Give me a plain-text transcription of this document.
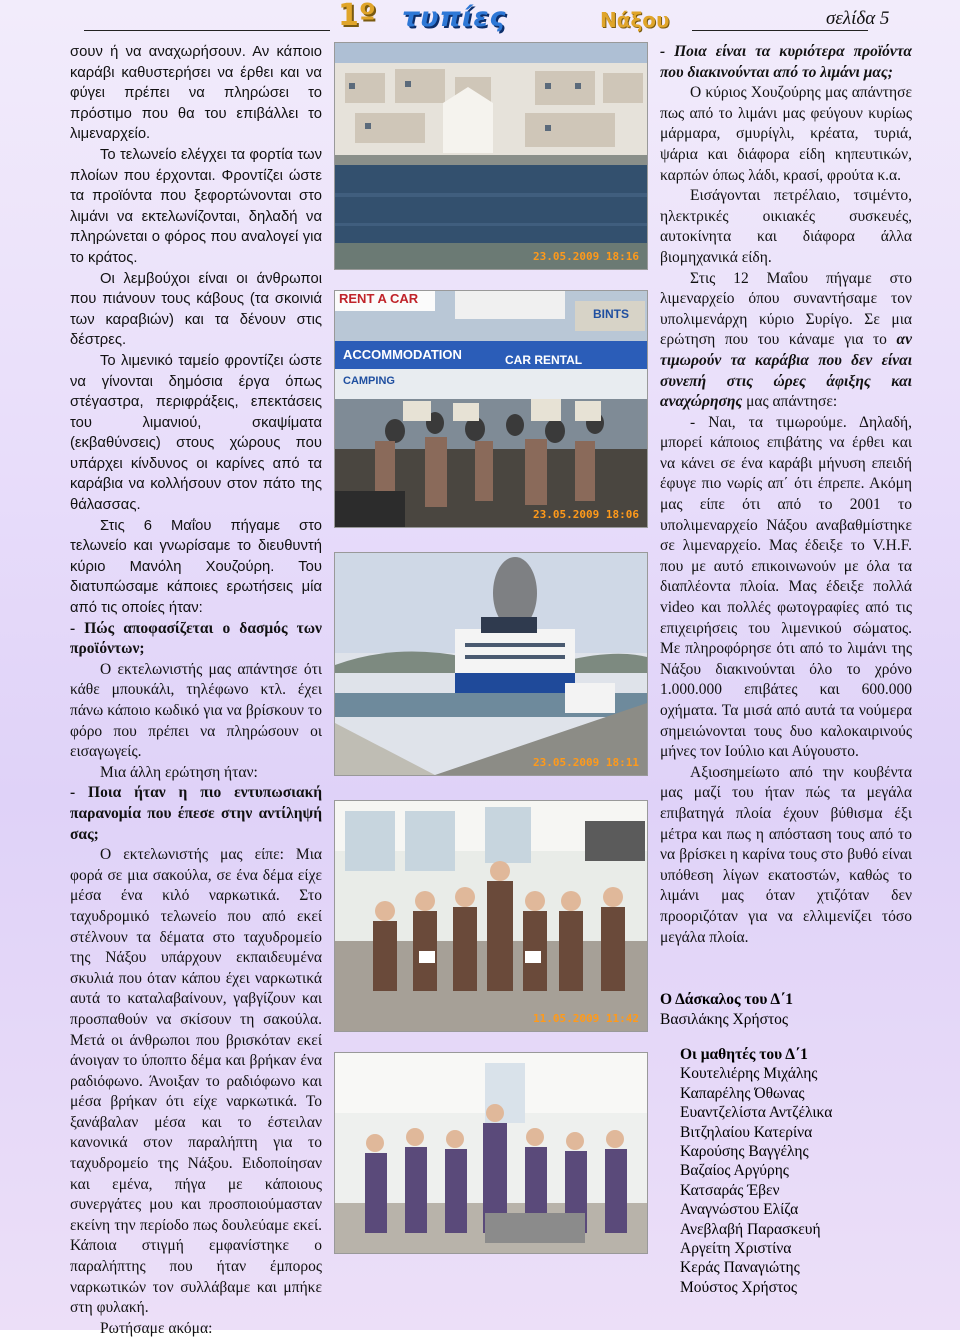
1º τυπίες	Νάξου	σελίδα 5

σουν ή να αναχωρήσουν. Αν κάποιο καράβι καθυστερήσει να έρθει και να φύγει πρέπει να πληρώσει το πρόστιμο που θα του επιβάλλει το λιμεναρχείο.

Το τελωνείο ελέγχει τα φορτία των πλοίων που έρχονται. Φροντίζει ώστε τα προϊόντα που ξεφορτώνονται στο λιμάνι να εκτελωνίζονται, δηλαδή να πληρώνεται ο φόρος που αναλογεί για το κράτος.

Οι λεμβούχοι είναι οι άνθρωποι που πιάνουν τους κάβους (τα σκοινιά των καραβιών) και τα δένουν στις δέστρες.

Το λιμενικό ταμείο φροντίζει ώστε να γίνονται δημόσια έργα όπως στέγαστρα, περιφράξεις, επεκτάσεις του λιμανιού, σκαψίματα (εκβαθύνσεις) στους χώρους που υπάρχει κίνδυνος οι καρίνες από τα καράβια να κολλήσουν στον πάτο της θάλασσας.

Στις 6 Μαΐου πήγαμε στο τελωνείο και γνωρίσαμε το διευθυντή κύριο Μανόλη Χουζούρη. Του διατυπώσαμε κάποιες ερωτήσεις μία από τις οποίες ήταν:

- Πώς αποφασίζεται ο δασμός των προϊόντων;

Ο εκτελωνιστής μας απάντησε ότι κάθε μπουκάλι, τηλέφωνο κτλ. έχει πάνω κάποιο κωδικό για να βρίσκουν το φόρο που πρέπει να πληρώσουν οι εισαγωγείς.

Μια άλλη ερώτηση ήταν:

- Ποια ήταν η πιο εντυπωσιακή παρανομία που έπεσε στην αντίληψή σας;

Ο εκτελωνιστής μας είπε: Μια φορά σε μια σακούλα, σε ένα δέμα είχε μέσα ένα κιλό ναρκωτικά. Στο ταχυδρομικό τελωνείο που από εκεί στέλνουν τα δέματα στο ταχυδρομείο της Νάξου υπάρχουν εκπαιδευμένα σκυλιά που όταν κάπου έχει ναρκωτικά αυτά το καταλαβαίνουν, γαβγίζουν και προσπαθούν να σκίσουν τη σακούλα. Μετά οι άνθρωποι που βρισκόταν εκεί άνοιγαν το ύποπτο δέμα και βρήκαν ένα ραδιόφωνο. Άνοιξαν το ραδιόφωνο και μέσα βρήκαν ότι είχε ναρκωτικά. Το ξανάβαλαν μέσα και το έστειλαν κανονικά στον παραλήπτη για το ταχυδρομείο της Νάξου. Ειδοποίησαν και εμένα, πήγα με κάποιους συνεργάτες μου και προσποιούμασταν εκείνη την περίοδο πως δουλεύαμε εκεί. Κάποια στιγμή εμφανίστηκε ο παραλήπτης που ήταν έμπορος ναρκωτικών τον συλλάβαμε και μπήκε στη φυλακή.

Ρωτήσαμε ακόμα:

23.05.2009 18:16
RENT A CAR
ACCOMMODATION	CAR RENTAL
BINTS
CAMPING
23.05.2009 18:06
23.05.2009 18:11
11.05.2009 11:42

- Ποια είναι τα κυριότερα προϊόντα που διακινούνται από το λιμάνι μας;

Ο κύριος Χουζούρης μας απάντησε πως από το λιμάνι μας φεύγουν κυρίως μάρμαρα, σμυρίγλι, κρέατα, τυριά, ψάρια και διάφορα είδη κηπευτικών, καρπών όπως λάδι, κρασί, φρούτα κ.α.

Εισάγονται πετρέλαιο, τσιμέντο, ηλεκτρικές οικιακές συσκευές, αυτοκίνητα και διάφορα άλλα βιομηχανικά είδη.

Στις 12 Μαΐου πήγαμε στο λιμεναρχείο όπου συναντήσαμε τον υπολιμενάρχη κύριο Συρίγο. Σε μια ερώτηση που του κάναμε για το αν τιμωρούν τα καράβια που δεν είναι συνεπή στις ώρες άφιξης και αναχώρησης μας απάντησε:

- Ναι, τα τιμωρούμε. Δηλαδή, μπορεί κάποιος επιβάτης να έρθει και να κάνει σε ένα καράβι μήνυση επειδή έφυγε πιο νωρίς απ΄ ότι έπρεπε. Ακόμη μας είπε ότι από το 2001 το υπολιμεναρχείο Νάξου αναβαθμίστηκε σε λιμεναρχείο. Μας έδειξε το V.H.F. που με αυτό επικοινωνούν με όλα τα διαπλέοντα πλοία. Μας έδειξε πολλά video και πολλές φωτογραφίες από τις επιχειρήσεις του λιμενικού σώματος. Με πληροφόρησε ότι από το λιμάνι της Νάξου διακινούνται όλο το χρόνο 1.000.000 επιβάτες και 600.000 οχήματα. Τα μισά από αυτά τα νούμερα σημειώνονται τους δυο καλοκαιρινούς μήνες τον Ιούλιο και Αύγουστο.

Αξιοσημείωτο από την κουβέντα μας μαζί του ήταν πώς τα μεγάλα επιβατηγά πλοία έχουν βύθισμα έξι μέτρα και πως η απόσταση τους από το να βρίσκει η καρίνα τους στο βυθό είναι υπόθεση λίγων εκατοστών, καθώς το λιμάνι μας όταν χτιζόταν δεν προοριζόταν για να ελλιμενίζει τόσο μεγάλα πλοία.

Ο Δάσκαλος του Δ΄1
Βασιλάκης Χρήστος
Οι μαθητές του Δ΄1
Κουτελιέρης Μιχάλης
Καπαρέλης Όθωνας
Ευαντζελίστα Αντζέλικα
Βιτζηλαίου Κατερίνα
Καρούσης Βαγγέλης
Βαζαίος Αργύρης
Κατσαράς Έβεν
Αναγνώστου Ελίζα
Ανεβλαβή Παρασκευή
Αργείτη Χριστίνα
Κεράς Παναγιώτης
Μούστος Χρήστος
